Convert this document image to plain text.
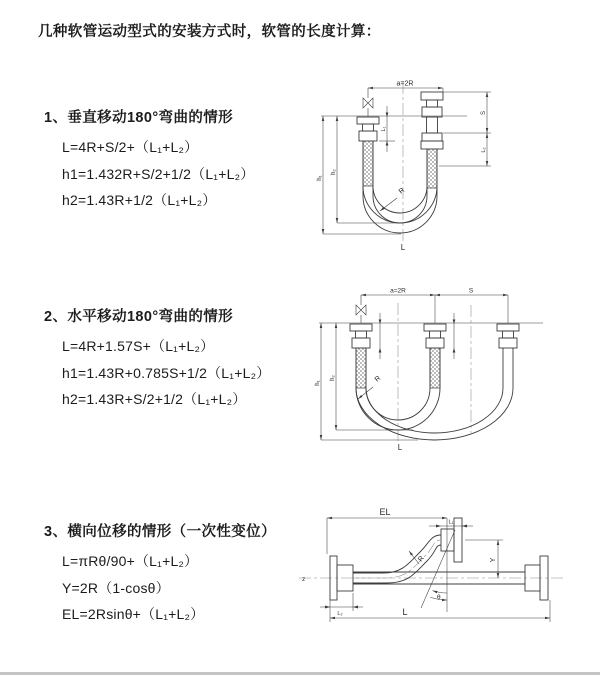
几种软管运动型式的安装方式时，软管的长度计算：

1、垂直移动180°弯曲的情形

L=4R+S/2+（L₁+L₂）

h1=1.432R+S/2+1/2（L₁+L₂）

h2=1.43R+1/2（L₁+L₂）

a=2R
h₁
h₂
L₁
S
L₂
R
L

2、水平移动180°弯曲的情形

L=4R+1.57S+（L₁+L₂）

h1=1.43R+0.785S+1/2（L₁+L₂）

h2=1.43R+S/2+1/2（L₁+L₂）

a=2R	S
h₁
h₂	R
L

3、横向位移的情形（一次性变位）

L=πRθ/90+（L₁+L₂）

Y=2R（1-cosθ）

EL=2Rsinθ+（L₁+L₂）

z
EL
L₁
Y
θ
R
L₂	L
